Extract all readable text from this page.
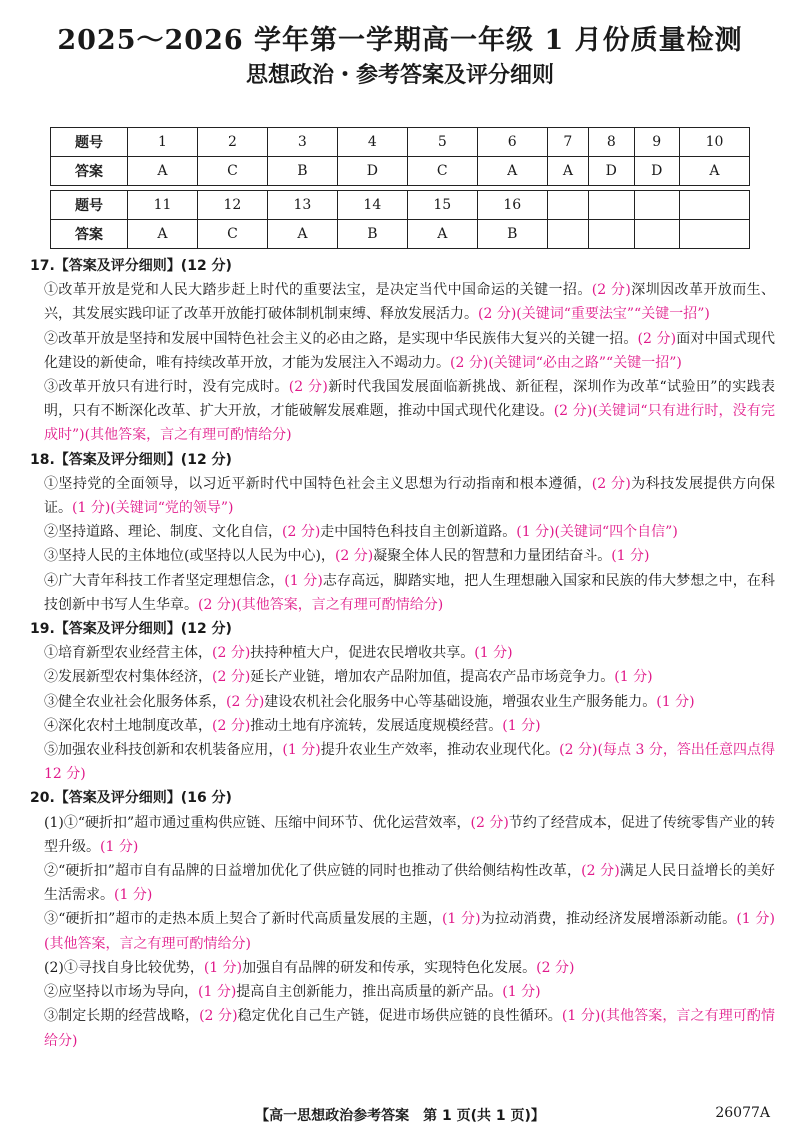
2025～2026 学年第一学期高一年级 1 月份质量检测
思想政治・参考答案及评分细则
题号	1	2	3	4	5	6	7	8	9	10
答案	A	C	B	D	C	A	A	D	D	A

题号	11	12	13	14	15	16				
答案	A	C	A	B	A	B				

17.【答案及评分细则】(12 分)

①改革开放是党和人民大踏步赶上时代的重要法宝，是决定当代中国命运的关键一招。(2 分)深圳因改革开放而生、兴，其发展实践印证了改革开放能打破体制机制束缚、释放发展活力。(2 分)(关键词“重要法宝”“关键一招”)

②改革开放是坚持和发展中国特色社会主义的必由之路，是实现中华民族伟大复兴的关键一招。(2 分)面对中国式现代化建设的新使命，唯有持续改革开放，才能为发展注入不竭动力。(2 分)(关键词“必由之路”“关键一招”)

③改革开放只有进行时，没有完成时。(2 分)新时代我国发展面临新挑战、新征程，深圳作为改革“试验田”的实践表明，只有不断深化改革、扩大开放，才能破解发展难题，推动中国式现代化建设。(2 分)(关键词“只有进行时，没有完成时”)(其他答案，言之有理可酌情给分)

18.【答案及评分细则】(12 分)

①坚持党的全面领导，以习近平新时代中国特色社会主义思想为行动指南和根本遵循，(2 分)为科技发展提供方向保证。(1 分)(关键词“党的领导”)

②坚持道路、理论、制度、文化自信，(2 分)走中国特色科技自主创新道路。(1 分)(关键词“四个自信”)

③坚持人民的主体地位(或坚持以人民为中心)，(2 分)凝聚全体人民的智慧和力量团结奋斗。(1 分)

④广大青年科技工作者坚定理想信念，(1 分)志存高远，脚踏实地，把人生理想融入国家和民族的伟大梦想之中，在科技创新中书写人生华章。(2 分)(其他答案，言之有理可酌情给分)

19.【答案及评分细则】(12 分)

①培育新型农业经营主体，(2 分)扶持种植大户，促进农民增收共享。(1 分)

②发展新型农村集体经济，(2 分)延长产业链，增加农产品附加值，提高农产品市场竞争力。(1 分)

③健全农业社会化服务体系，(2 分)建设农机社会化服务中心等基础设施，增强农业生产服务能力。(1 分)

④深化农村土地制度改革，(2 分)推动土地有序流转，发展适度规模经营。(1 分)

⑤加强农业科技创新和农机装备应用，(1 分)提升农业生产效率，推动农业现代化。(2 分)(每点 3 分，答出任意四点得 12 分)

20.【答案及评分细则】(16 分)

(1)①“硬折扣”超市通过重构供应链、压缩中间环节、优化运营效率，(2 分)节约了经营成本，促进了传统零售产业的转型升级。(1 分)

②“硬折扣”超市自有品牌的日益增加优化了供应链的同时也推动了供给侧结构性改革，(2 分)满足人民日益增长的美好生活需求。(1 分)

③“硬折扣”超市的走热本质上契合了新时代高质量发展的主题，(1 分)为拉动消费，推动经济发展增添新动能。(1 分)(其他答案，言之有理可酌情给分)

(2)①寻找自身比较优势，(1 分)加强自有品牌的研发和传承，实现特色化发展。(2 分)

②应坚持以市场为导向，(1 分)提高自主创新能力，推出高质量的新产品。(1 分)

③制定长期的经营战略，(2 分)稳定优化自己生产链，促进市场供应链的良性循环。(1 分)(其他答案，言之有理可酌情给分)

【高一思想政治参考答案　第 1 页(共 1 页)】	26077A
